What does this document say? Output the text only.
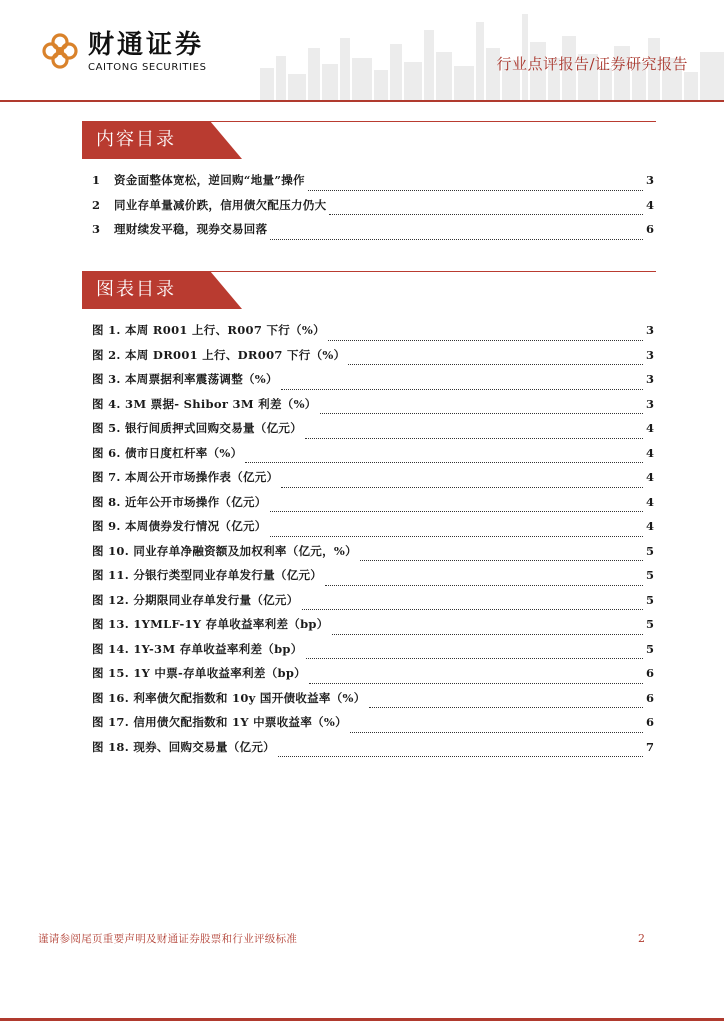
财通证券
CAITONG SECURITIES	行业点评报告/证券研究报告
内容目录
1	资金面整体宽松，逆回购“地量”操作	3
2	同业存单量减价跌，信用债欠配压力仍大	4
3	理财续发平稳，现券交易回落	6
图表目录
图 1. 本周 R001 上行、R007 下行（%）	3
图 2. 本周 DR001 上行、DR007 下行（%）	3
图 3. 本周票据利率震荡调整（%）	3
图 4. 3M 票据- Shibor 3M 利差（%）	3
图 5. 银行间质押式回购交易量（亿元）	4
图 6. 债市日度杠杆率（%）	4
图 7. 本周公开市场操作表（亿元）	4
图 8. 近年公开市场操作（亿元）	4
图 9. 本周债券发行情况（亿元）	4
图 10. 同业存单净融资额及加权利率（亿元，%）	5
图 11. 分银行类型同业存单发行量（亿元）	5
图 12. 分期限同业存单发行量（亿元）	5
图 13. 1YMLF-1Y 存单收益率利差（bp）	5
图 14. 1Y-3M 存单收益率利差（bp）	5
图 15. 1Y 中票-存单收益率利差（bp）	6
图 16. 利率债欠配指数和 10y 国开债收益率（%）	6
图 17. 信用债欠配指数和 1Y 中票收益率（%）	6
图 18. 现券、回购交易量（亿元）	7
谨请参阅尾页重要声明及财通证券股票和行业评级标准	2
